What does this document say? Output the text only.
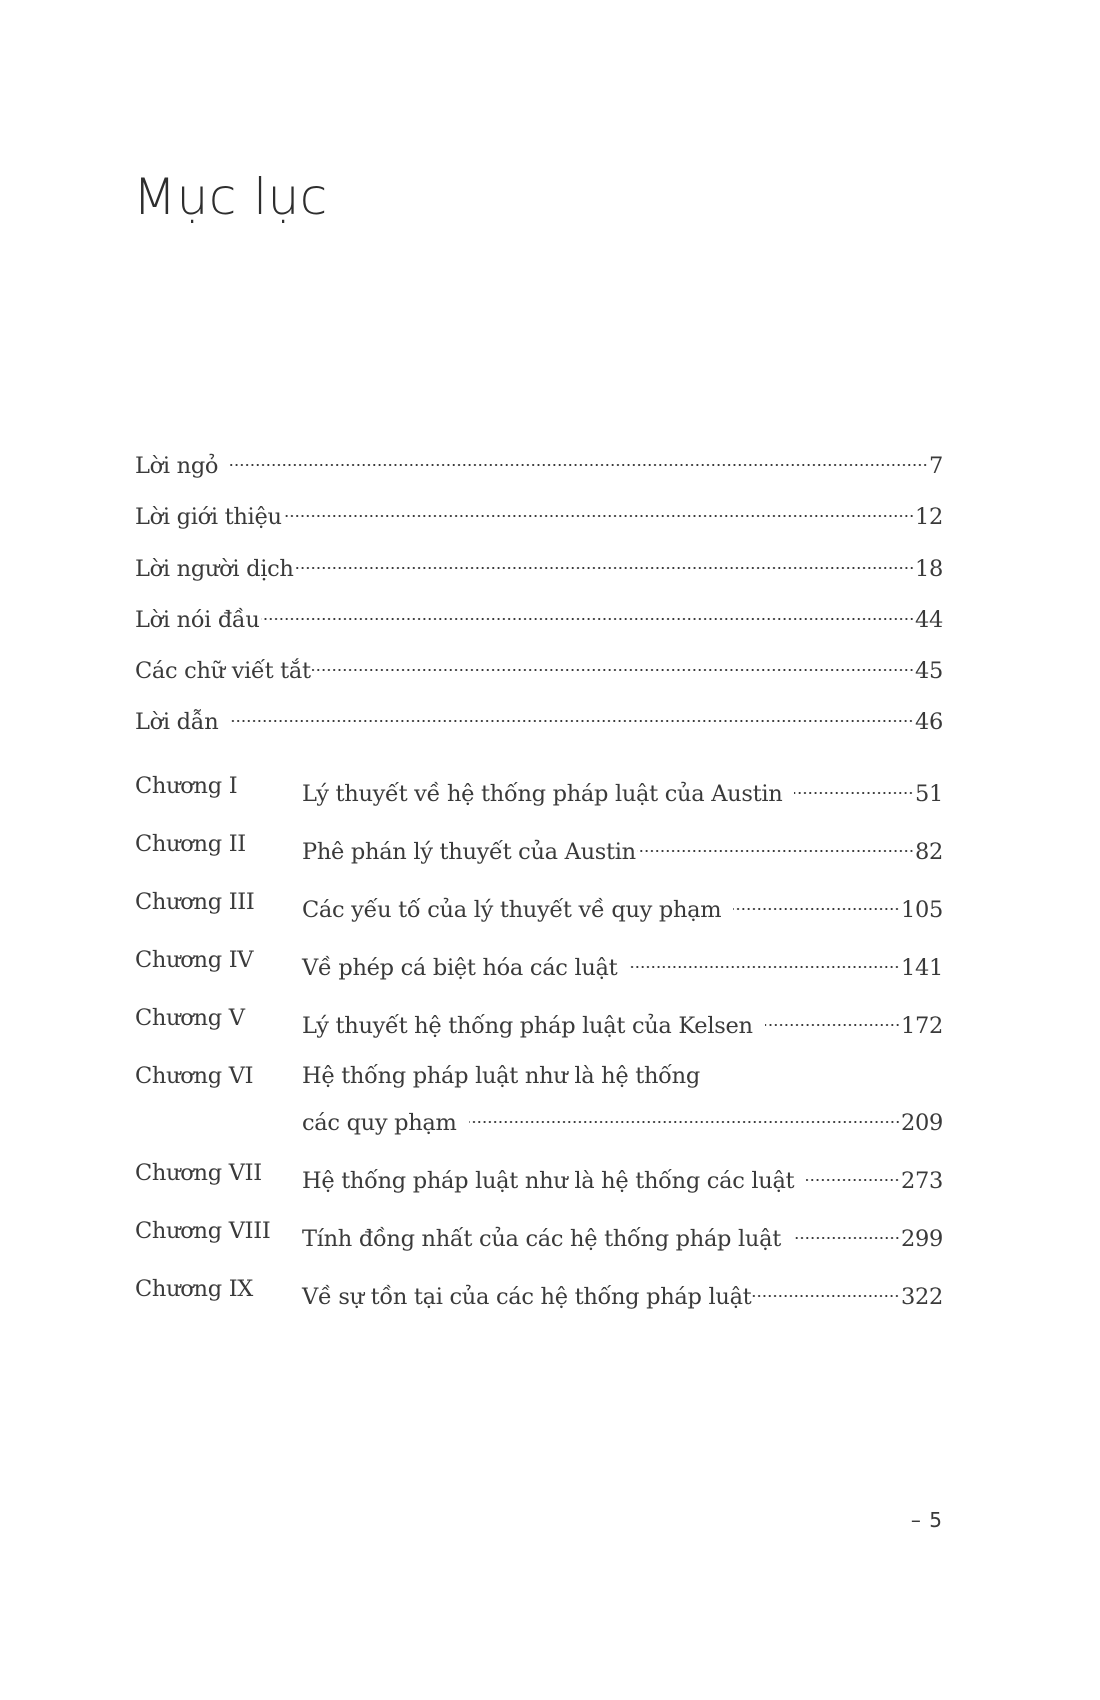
Mục lục
Lời ngỏ	7
Lời giới thiệu	12
Lời người dịch	18
Lời nói đầu	44
Các chữ viết tắt	45
Lời dẫn	46
Chương I	Lý thuyết về hệ thống pháp luật của Austin	51
Chương II	Phê phán lý thuyết của Austin	82
Chương III	Các yếu tố của lý thuyết về quy phạm	105
Chương IV	Về phép cá biệt hóa các luật	141
Chương V	Lý thuyết hệ thống pháp luật của Kelsen	172
Chương VI	Hệ thống pháp luật như là hệ thống
các quy phạm	209
Chương VII	Hệ thống pháp luật như là hệ thống các luật	273
Chương VIII	Tính đồng nhất của các hệ thống pháp luật	299
Chương IX	Về sự tồn tại của các hệ thống pháp luật	322
– 5
